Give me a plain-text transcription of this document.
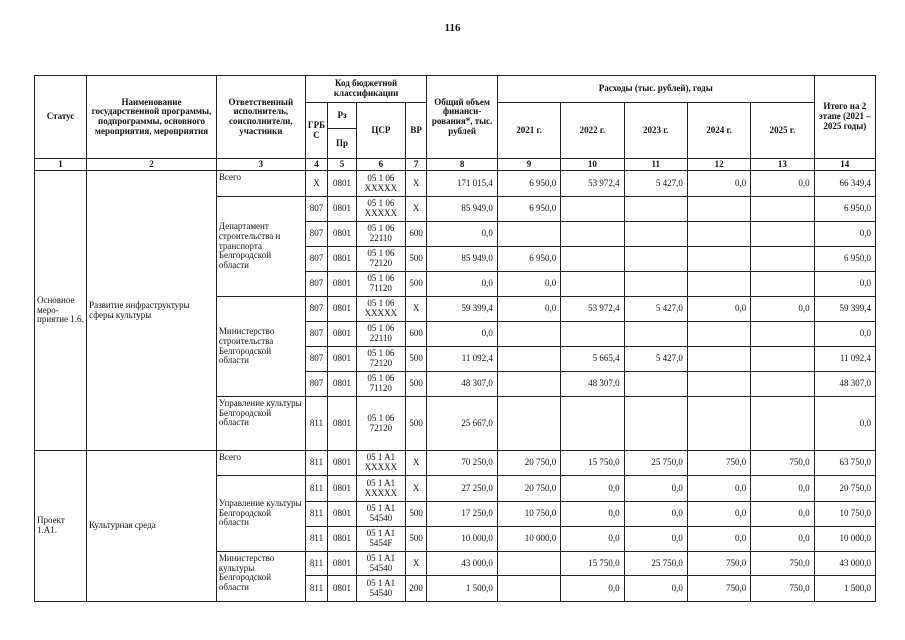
116
Статус	Наименование государственной программы, подпрограммы, основного мероприятия, мероприятия	Ответственный исполнитель, соисполнители, участники	Код бюджетной классификации				Общий объем финанси- рования*, тыс. рублей	Расходы (тыс. рублей), годы					Итого на 2 этапе (2021 – 2025 годы)
			ГРБ С	Рз	ЦСР	ВР		2021 г.	2022 г.	2023 г.	2024 г.	2025 г.	
				Пр									
1	2	3	4	5	6	7	8	9	10	11	12	13	14
Основное меро- приятие 1.6.	Развитие инфраструктуры сферы культуры	Всего	X	0801	05 1 06 XXXXX	X	171 015,4	6 950,0	53 972,4	5 427,0	0,0	0,0	66 349,4
		Департамент строительства и транспорта Белгородской области	807	0801	05 1 06 XXXXX	X	85 949,0	6 950,0					6 950,0
			807	0801	05 1 06 22110	600	0,0						0,0
			807	0801	05 1 06 72120	500	85 949,0	6 950,0					6 950,0
			807	0801	05 1 06 71120	500	0,0	0,0					0,0
		Министерство строительства Белгородской области	807	0801	05 1 06 XXXXX	X	59 399,4	0,0	53 972,4	5 427,0	0,0	0,0	59 399,4
			807	0801	05 1 06 22110	600	0,0						0,0
			807	0801	05 1 06 72120	500	11 092,4		5 665,4	5 427,0			11 092,4
			807	0801	05 1 06 71120	500	48 307,0		48 307,0				48 307,0
		Управление культуры Белгородской области	811	0801	05 1 06 72120	500	25 667,0						0,0
Проект 1.А1.	Культурная среда	Всего	811	0801	05 1 A1 XXXXX	X	70 250,0	20 750,0	15 750,0	25 750,0	750,0	750,0	63 750,0
		Управление культуры Белгородской области	811	0801	05 1 A1 XXXXX	X	27 250,0	20 750,0	0,0	0,0	0,0	0,0	20 750,0
			811	0801	05 1 A1 54540	500	17 250,0	10 750,0	0,0	0,0	0,0	0,0	10 750,0
			811	0801	05 1 A1 5454F	500	10 000,0	10 000,0	0,0	0,0	0,0	0,0	10 000,0
		Министерство культуры Белгородской области	811	0801	05 1 A1 54540	X	43 000,0		15 750,0	25 750,0	750,0	750,0	43 000,0
			811	0801	05 1 A1 54540	200	1 500,0		0,0	0,0	750,0	750,0	1 500,0
